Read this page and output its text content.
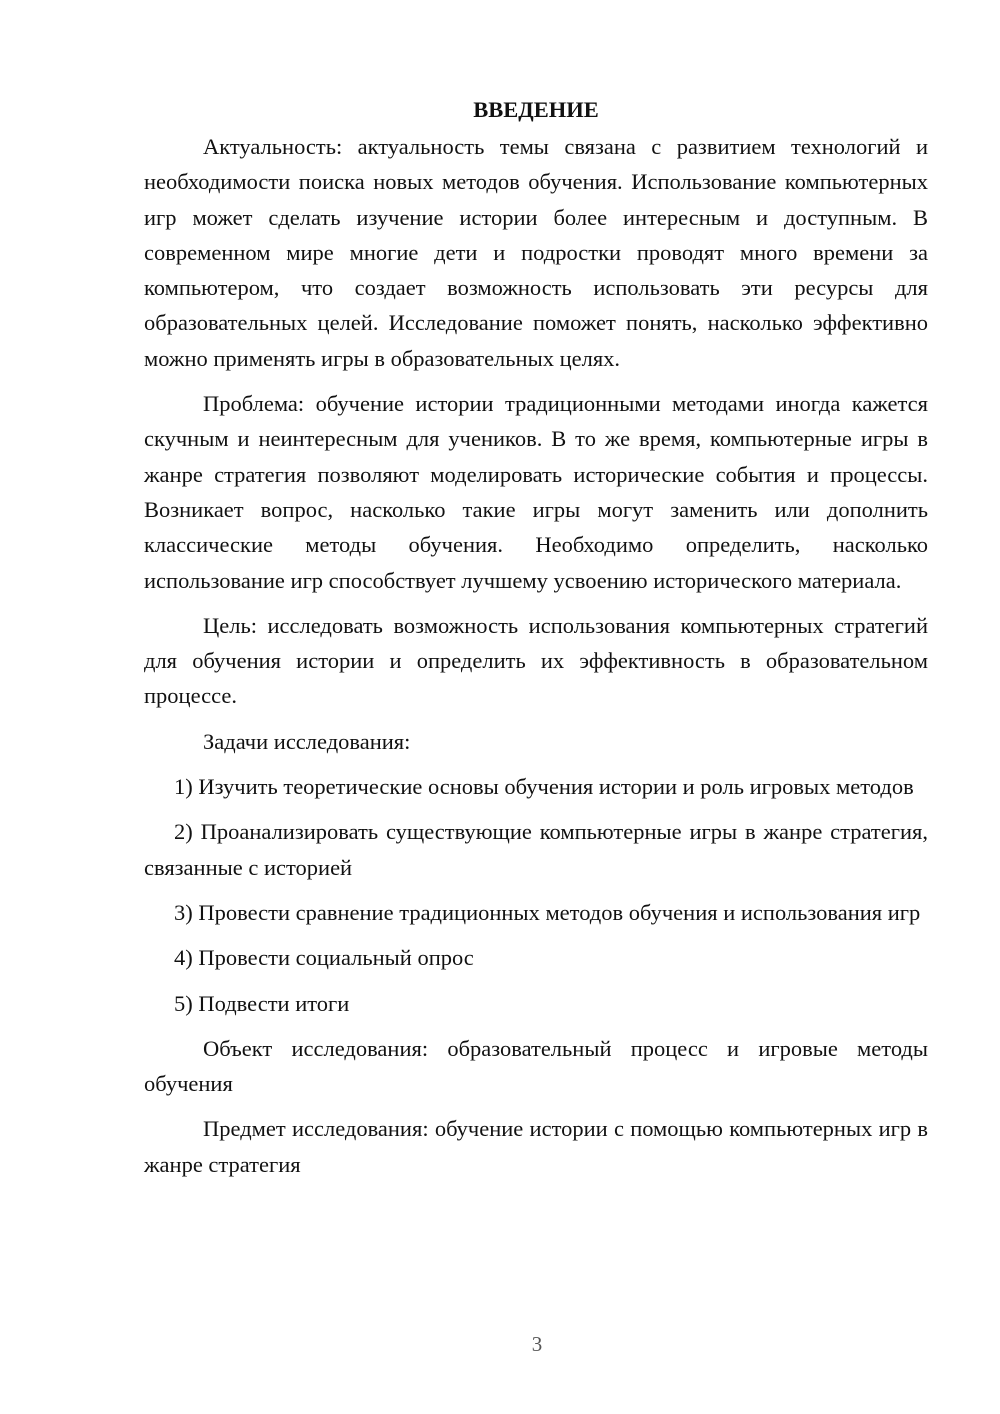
ВВЕДЕНИЕ

Актуальность: актуальность темы связана с развитием технологий и необходимости поиска новых методов обучения. Использование компьютерных игр может сделать изучение истории более интересным и доступным. В современном мире многие дети и подростки проводят много времени за компьютером, что создает возможность использовать эти ресурсы для образовательных целей. Исследование поможет понять, насколько эффективно можно применять игры в образовательных целях.

Проблема: обучение истории традиционными методами иногда кажется скучным и неинтересным для учеников. В то же время, компьютерные игры в жанре стратегия позволяют моделировать исторические события и процессы. Возникает вопрос, насколько такие игры могут заменить или дополнить классические методы обучения. Необходимо определить, насколько использование игр способствует лучшему усвоению исторического материала.

Цель: исследовать возможность использования компьютерных стратегий для обучения истории и определить их эффективность в образовательном процессе.

Задачи исследования:

1) Изучить теоретические основы обучения истории и роль игровых методов

2) Проанализировать существующие компьютерные игры в жанре стратегия, связанные с историей

3) Провести сравнение традиционных методов обучения и использования игр

4) Провести социальный опрос

5) Подвести итоги

Объект исследования: образовательный процесс и игровые методы обучения

Предмет исследования: обучение истории с помощью компьютерных игр в жанре стратегия

3
